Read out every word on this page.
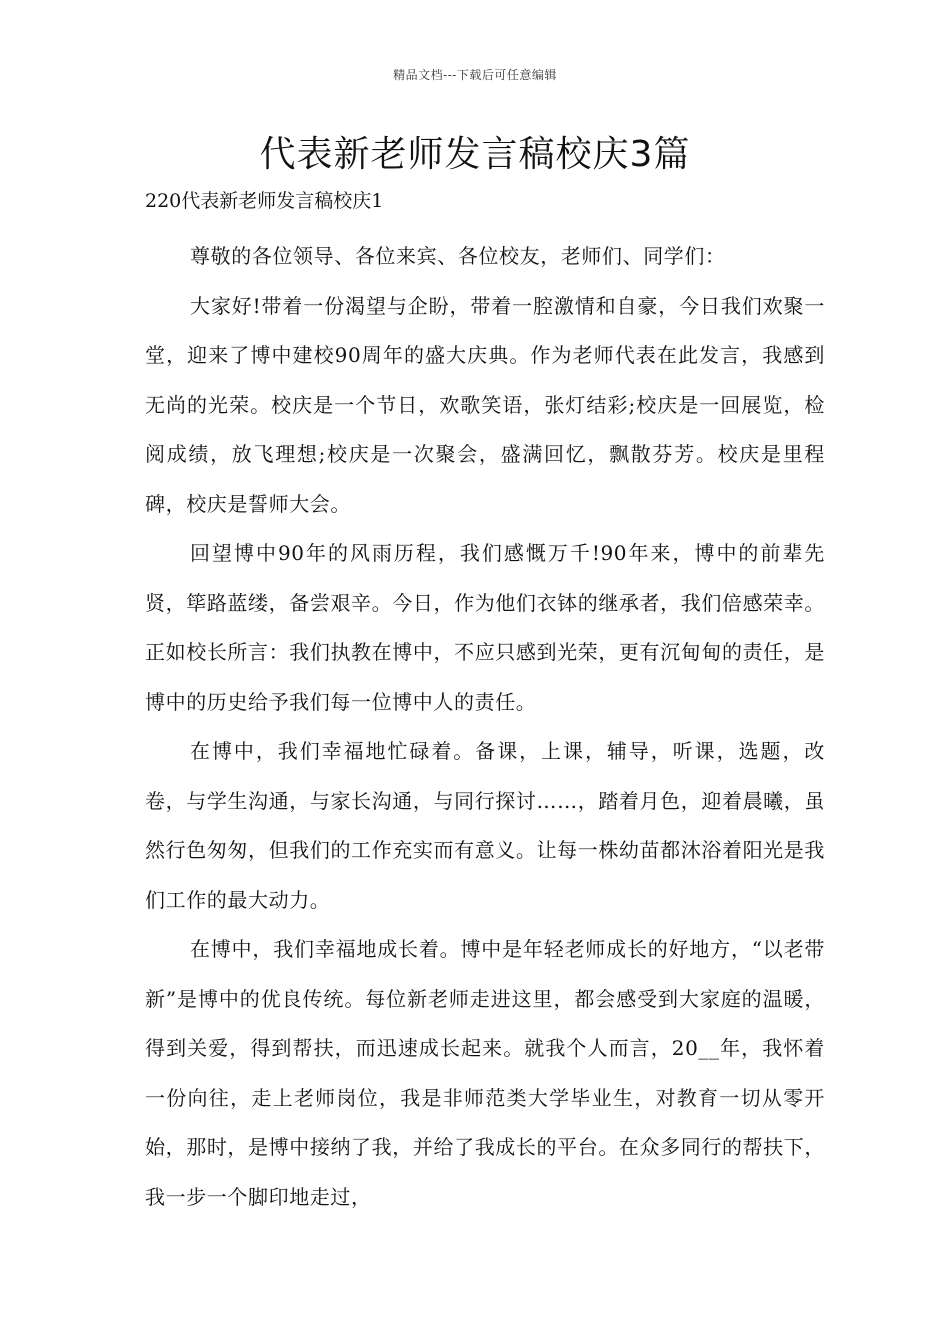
精品文档---下载后可任意编辑
代表新老师发言稿校庆3篇
220代表新老师发言稿校庆1

尊敬的各位领导、各位来宾、各位校友，老师们、同学们：

大家好!带着一份渴望与企盼，带着一腔激情和自豪，今日我们欢聚一堂，迎来了博中建校90周年的盛大庆典。作为老师代表在此发言，我感到无尚的光荣。校庆是一个节日，欢歌笑语，张灯结彩;校庆是一回展览，检阅成绩，放飞理想;校庆是一次聚会，盛满回忆，飘散芬芳。校庆是里程碑，校庆是誓师大会。

回望博中90年的风雨历程，我们感慨万千!90年来，博中的前辈先贤，筚路蓝缕，备尝艰辛。今日，作为他们衣钵的继承者，我们倍感荣幸。正如校长所言：我们执教在博中，不应只感到光荣，更有沉甸甸的责任，是博中的历史给予我们每一位博中人的责任。

在博中，我们幸福地忙碌着。备课，上课，辅导，听课，选题，改卷，与学生沟通，与家长沟通，与同行探讨……，踏着月色，迎着晨曦，虽然行色匆匆，但我们的工作充实而有意义。让每一株幼苗都沐浴着阳光是我们工作的最大动力。

在博中，我们幸福地成长着。博中是年轻老师成长的好地方，“以老带新”是博中的优良传统。每位新老师走进这里，都会感受到大家庭的温暖，得到关爱，得到帮扶，而迅速成长起来。就我个人而言，20__年，我怀着一份向往，走上老师岗位，我是非师范类大学毕业生，对教育一切从零开始，那时，是博中接纳了我，并给了我成长的平台。在众多同行的帮扶下，我一步一个脚印地走过，
